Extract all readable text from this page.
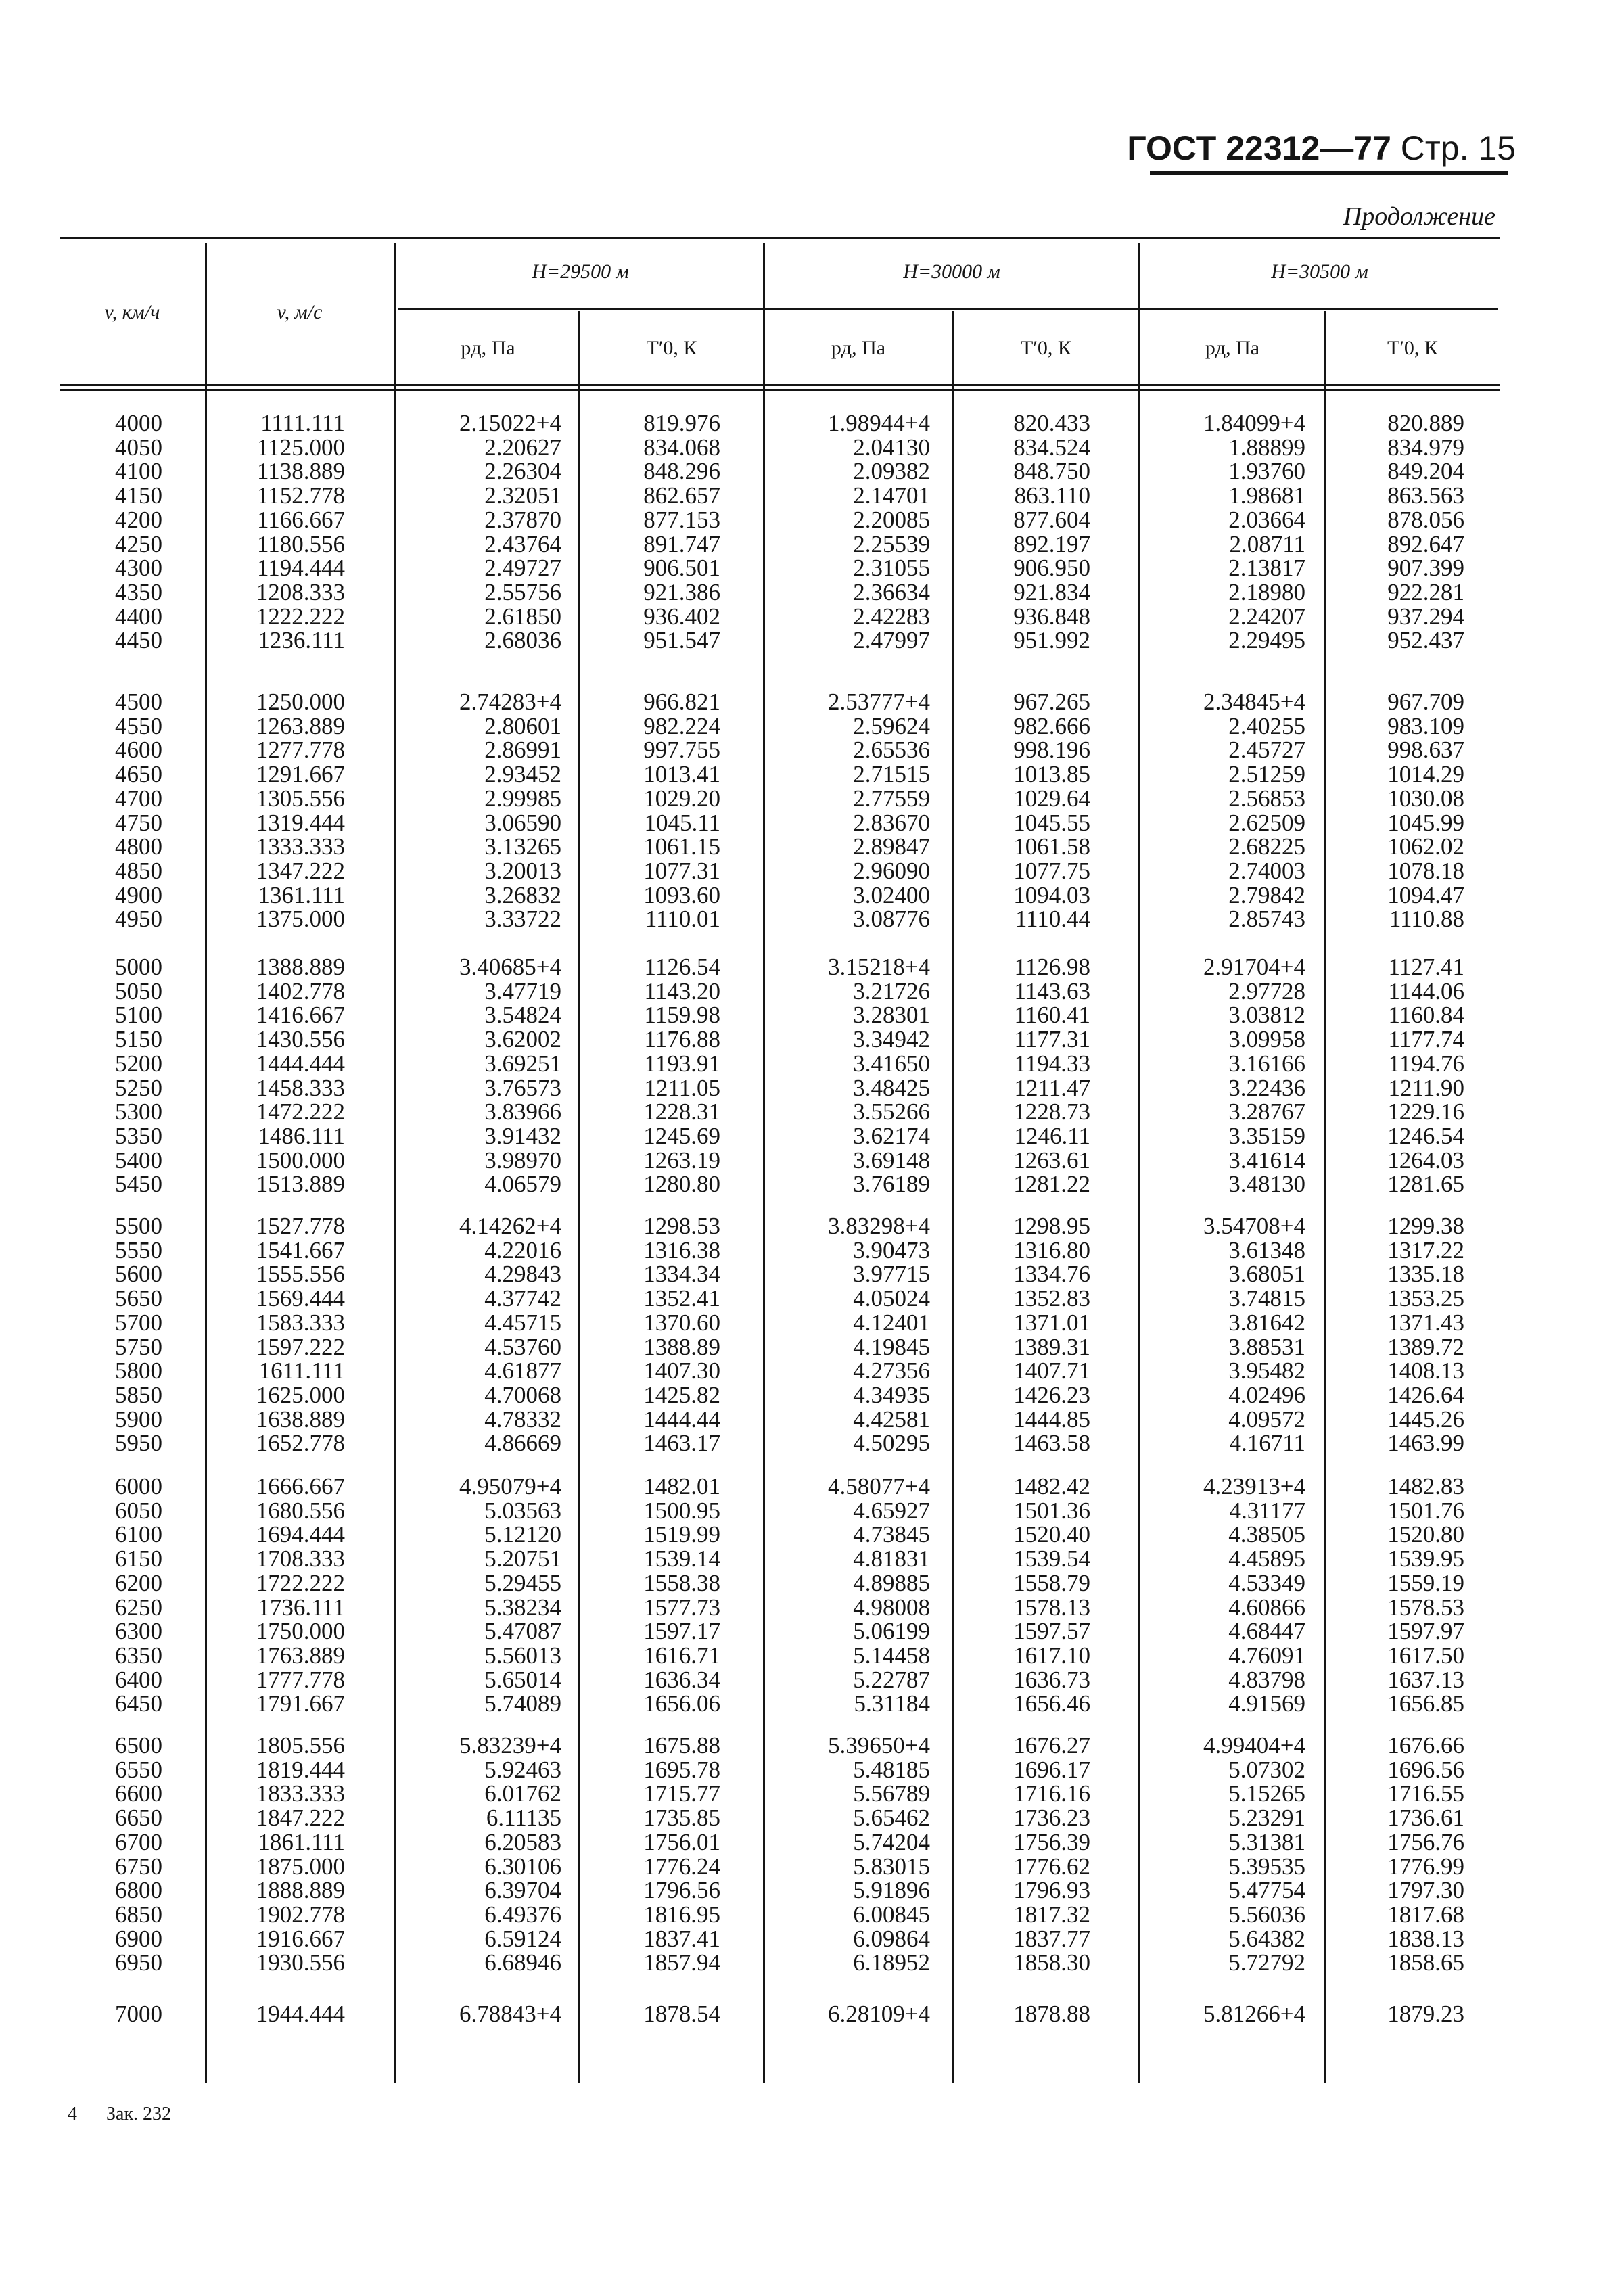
ГОСТ 22312—77 Стр. 15
Продолжение
v, км/ч	v, м/с
H=29500 м
pд, Па	T′0, К
H=30000 м
pд, Па	T′0, К
H=30500 м
pд, Па	T′0, К
4000	1111.111	2.15022+4	819.976	1.98944+4	820.433	1.84099+4	820.889
4050	1125.000	2.20627	834.068	2.04130	834.524	1.88899	834.979
4100	1138.889	2.26304	848.296	2.09382	848.750	1.93760	849.204
4150	1152.778	2.32051	862.657	2.14701	863.110	1.98681	863.563
4200	1166.667	2.37870	877.153	2.20085	877.604	2.03664	878.056
4250	1180.556	2.43764	891.747	2.25539	892.197	2.08711	892.647
4300	1194.444	2.49727	906.501	2.31055	906.950	2.13817	907.399
4350	1208.333	2.55756	921.386	2.36634	921.834	2.18980	922.281
4400	1222.222	2.61850	936.402	2.42283	936.848	2.24207	937.294
4450	1236.111	2.68036	951.547	2.47997	951.992	2.29495	952.437
4500	1250.000	2.74283+4	966.821	2.53777+4	967.265	2.34845+4	967.709
4550	1263.889	2.80601	982.224	2.59624	982.666	2.40255	983.109
4600	1277.778	2.86991	997.755	2.65536	998.196	2.45727	998.637
4650	1291.667	2.93452	1013.41	2.71515	1013.85	2.51259	1014.29
4700	1305.556	2.99985	1029.20	2.77559	1029.64	2.56853	1030.08
4750	1319.444	3.06590	1045.11	2.83670	1045.55	2.62509	1045.99
4800	1333.333	3.13265	1061.15	2.89847	1061.58	2.68225	1062.02
4850	1347.222	3.20013	1077.31	2.96090	1077.75	2.74003	1078.18
4900	1361.111	3.26832	1093.60	3.02400	1094.03	2.79842	1094.47
4950	1375.000	3.33722	1110.01	3.08776	1110.44	2.85743	1110.88
5000	1388.889	3.40685+4	1126.54	3.15218+4	1126.98	2.91704+4	1127.41
5050	1402.778	3.47719	1143.20	3.21726	1143.63	2.97728	1144.06
5100	1416.667	3.54824	1159.98	3.28301	1160.41	3.03812	1160.84
5150	1430.556	3.62002	1176.88	3.34942	1177.31	3.09958	1177.74
5200	1444.444	3.69251	1193.91	3.41650	1194.33	3.16166	1194.76
5250	1458.333	3.76573	1211.05	3.48425	1211.47	3.22436	1211.90
5300	1472.222	3.83966	1228.31	3.55266	1228.73	3.28767	1229.16
5350	1486.111	3.91432	1245.69	3.62174	1246.11	3.35159	1246.54
5400	1500.000	3.98970	1263.19	3.69148	1263.61	3.41614	1264.03
5450	1513.889	4.06579	1280.80	3.76189	1281.22	3.48130	1281.65
5500	1527.778	4.14262+4	1298.53	3.83298+4	1298.95	3.54708+4	1299.38
5550	1541.667	4.22016	1316.38	3.90473	1316.80	3.61348	1317.22
5600	1555.556	4.29843	1334.34	3.97715	1334.76	3.68051	1335.18
5650	1569.444	4.37742	1352.41	4.05024	1352.83	3.74815	1353.25
5700	1583.333	4.45715	1370.60	4.12401	1371.01	3.81642	1371.43
5750	1597.222	4.53760	1388.89	4.19845	1389.31	3.88531	1389.72
5800	1611.111	4.61877	1407.30	4.27356	1407.71	3.95482	1408.13
5850	1625.000	4.70068	1425.82	4.34935	1426.23	4.02496	1426.64
5900	1638.889	4.78332	1444.44	4.42581	1444.85	4.09572	1445.26
5950	1652.778	4.86669	1463.17	4.50295	1463.58	4.16711	1463.99
6000	1666.667	4.95079+4	1482.01	4.58077+4	1482.42	4.23913+4	1482.83
6050	1680.556	5.03563	1500.95	4.65927	1501.36	4.31177	1501.76
6100	1694.444	5.12120	1519.99	4.73845	1520.40	4.38505	1520.80
6150	1708.333	5.20751	1539.14	4.81831	1539.54	4.45895	1539.95
6200	1722.222	5.29455	1558.38	4.89885	1558.79	4.53349	1559.19
6250	1736.111	5.38234	1577.73	4.98008	1578.13	4.60866	1578.53
6300	1750.000	5.47087	1597.17	5.06199	1597.57	4.68447	1597.97
6350	1763.889	5.56013	1616.71	5.14458	1617.10	4.76091	1617.50
6400	1777.778	5.65014	1636.34	5.22787	1636.73	4.83798	1637.13
6450	1791.667	5.74089	1656.06	5.31184	1656.46	4.91569	1656.85
6500	1805.556	5.83239+4	1675.88	5.39650+4	1676.27	4.99404+4	1676.66
6550	1819.444	5.92463	1695.78	5.48185	1696.17	5.07302	1696.56
6600	1833.333	6.01762	1715.77	5.56789	1716.16	5.15265	1716.55
6650	1847.222	6.11135	1735.85	5.65462	1736.23	5.23291	1736.61
6700	1861.111	6.20583	1756.01	5.74204	1756.39	5.31381	1756.76
6750	1875.000	6.30106	1776.24	5.83015	1776.62	5.39535	1776.99
6800	1888.889	6.39704	1796.56	5.91896	1796.93	5.47754	1797.30
6850	1902.778	6.49376	1816.95	6.00845	1817.32	5.56036	1817.68
6900	1916.667	6.59124	1837.41	6.09864	1837.77	5.64382	1838.13
6950	1930.556	6.68946	1857.94	6.18952	1858.30	5.72792	1858.65
7000	1944.444	6.78843+4	1878.54	6.28109+4	1878.88	5.81266+4	1879.23
4 Зак. 232
